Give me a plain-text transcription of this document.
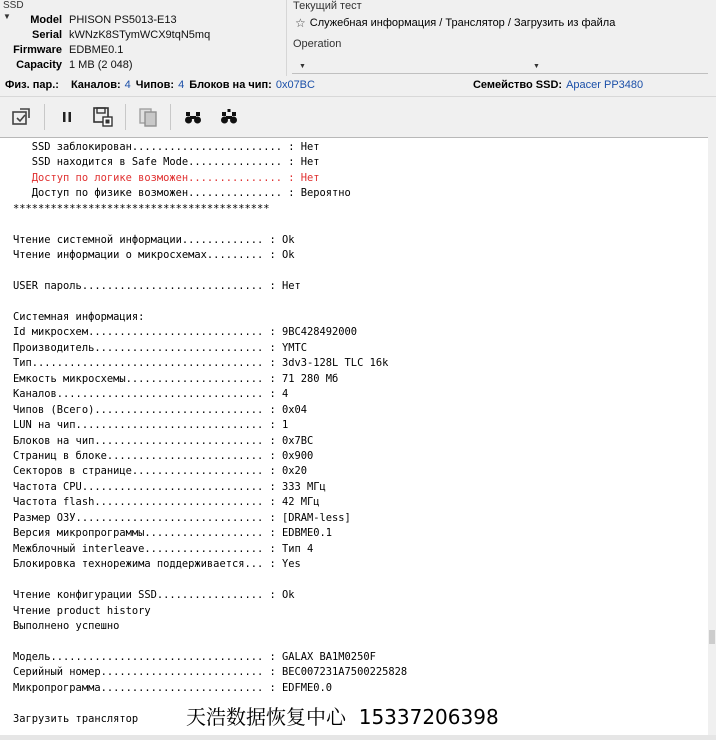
SSD
▼	Model PHISON PS5013-E13
Serial kWNzK8STymWCX9tqN5mq
Firmware EDBME0.1
Capacity 1 MB (2 048)
Текущий тест
☆ Служебная информация / Транслятор / Загрузить из файла
Operation
▼	▼
Физ. пар.: Каналов: 4 Чипов: 4 Блоков на чип: 0x07BC	Семейство SSD: Apacer PP3480
SSD заблокирован........................ : Нет
SSD находится в Safe Mode............... : Нет
Доступ по логике возможен............... : Нет
Доступ по физике возможен............... : Вероятно
*****************************************
Чтение системной информации............. : Ok
Чтение информации о микросхемах......... : Ok
USER пароль............................. : Нет
Системная информация:
Id микросхем............................ : 9BC428492000
Производитель........................... : YMTC
Тип..................................... : 3dv3-128L TLC 16k
Емкость микросхемы...................... : 71 280 Мб
Каналов................................. : 4
Чипов (Всего)........................... : 0x04
LUN на чип.............................. : 1
Блоков на чип........................... : 0x7BC
Страниц в блоке......................... : 0x900
Секторов в странице..................... : 0x20
Частота CPU............................. : 333 МГц
Частота flash........................... : 42 МГц
Размер ОЗУ.............................. : [DRAM-less]
Версия микропрограммы................... : EDBME0.1
Межблочный interleave................... : Тип 4
Блокировка технорежима поддерживается... : Yes
Чтение конфигурации SSD................. : Ok
Чтение product history
Выполнено успешно
Модель.................................. : GALAX BA1M0250F
Серийный номер.......................... : BEC007231A7500225828
Микропрограмма.......................... : EDFME0.0
Загрузить транслятор 天浩数据恢复中心  15337206398
